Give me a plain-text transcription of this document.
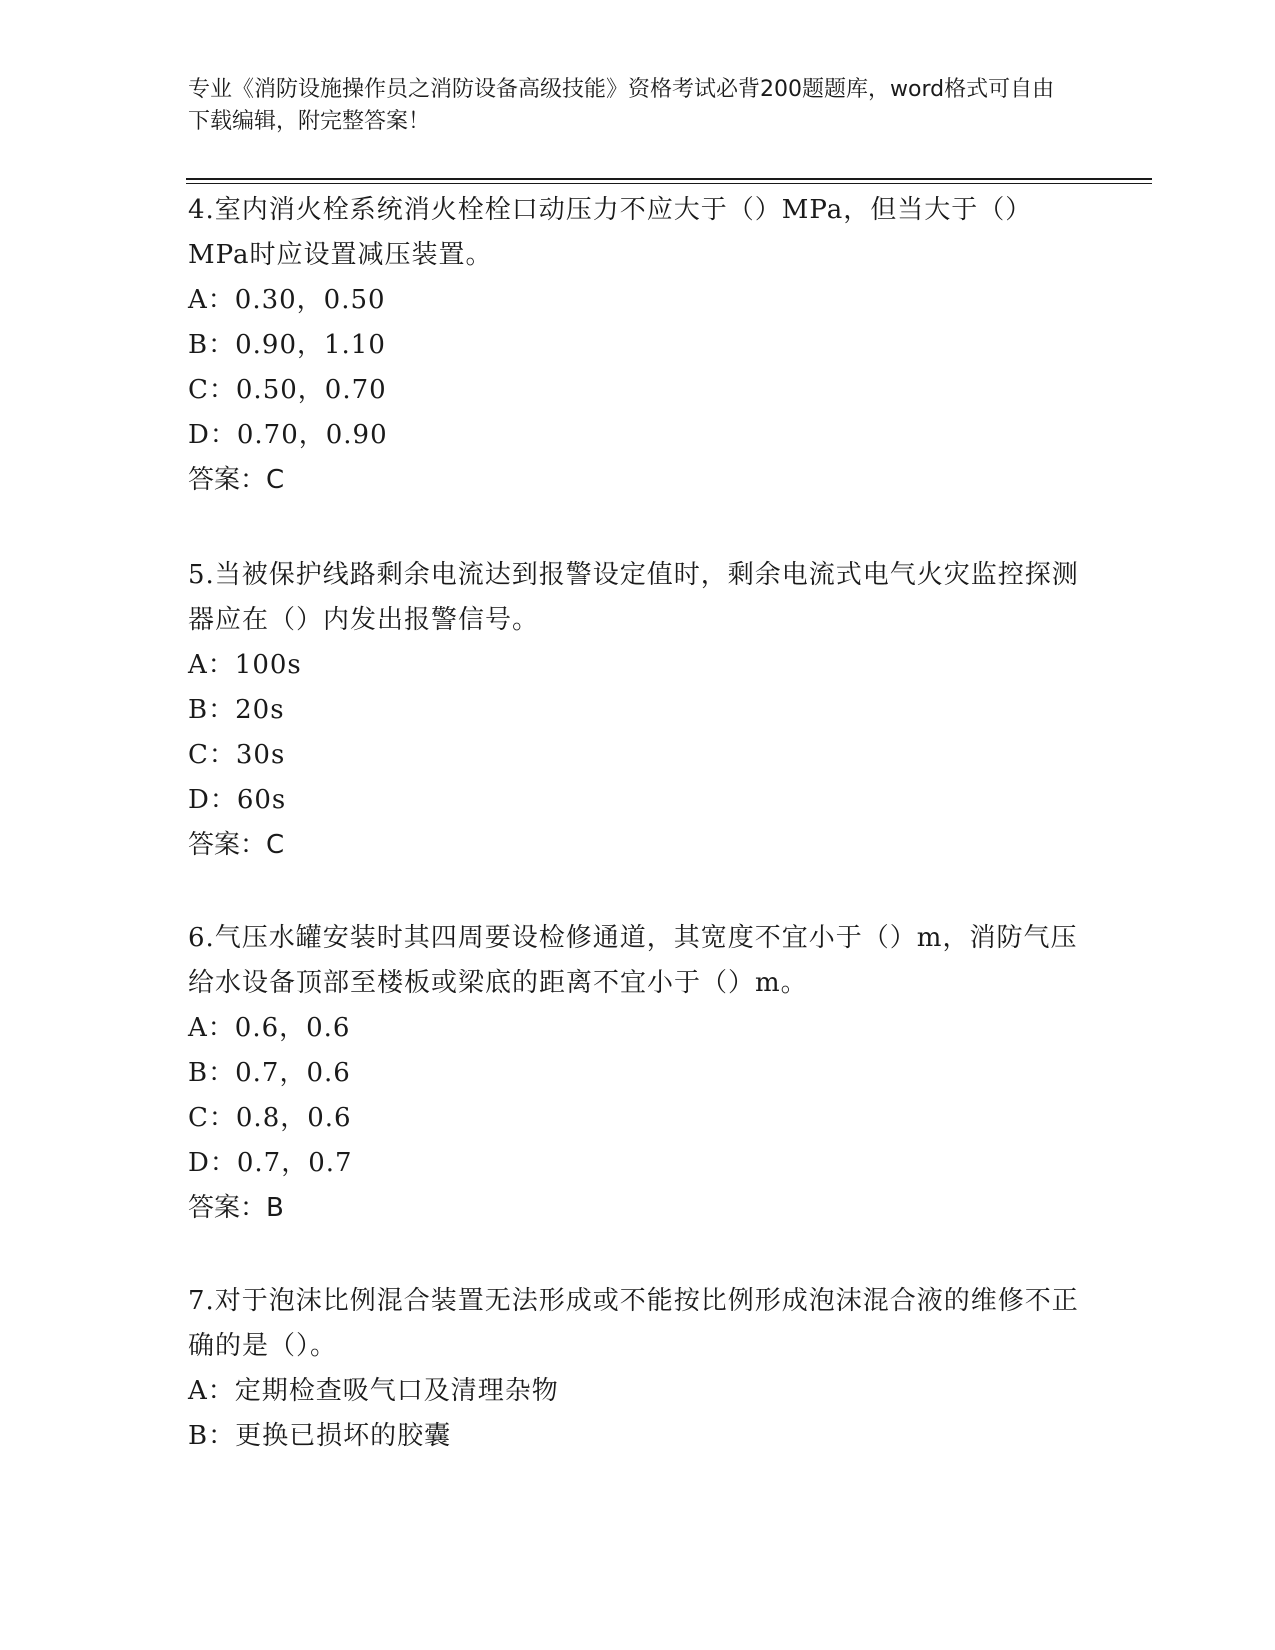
专业《消防设施操作员之消防设备高级技能》资格考试必背200题题库，word格式可自由下载编辑，附完整答案！

4.室内消火栓系统消火栓栓口动压力不应大于（）MPa，但当大于（）MPa时应设置减压装置。

A：0.30，0.50

B：0.90，1.10

C：0.50，0.70

D：0.70，0.90

答案：C

5.当被保护线路剩余电流达到报警设定值时，剩余电流式电气火灾监控探测器应在（）内发出报警信号。

A：100s

B：20s

C：30s

D：60s

答案：C

6.气压水罐安装时其四周要设检修通道，其宽度不宜小于（）m，消防气压给水设备顶部至楼板或梁底的距离不宜小于（）m。

A：0.6，0.6

B：0.7，0.6

C：0.8，0.6

D：0.7，0.7

答案：B

7.对于泡沫比例混合装置无法形成或不能按比例形成泡沫混合液的维修不正确的是（）。

A：定期检查吸气口及清理杂物

B：更换已损坏的胶囊
